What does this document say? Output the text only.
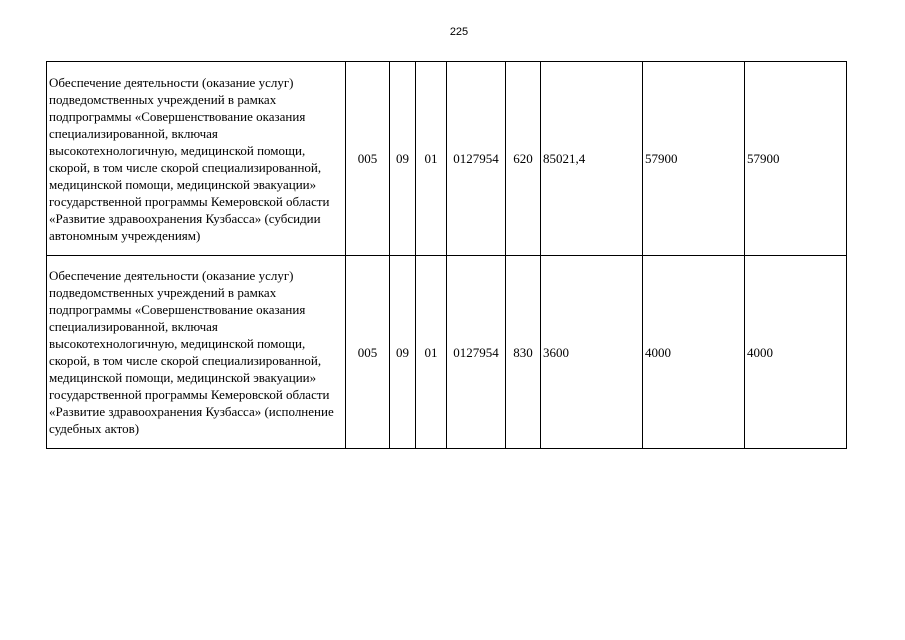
225
Обеспечение деятельности (оказание услуг) подведомственных учреждений в рамках подпрограммы «Совершенствование оказания специализированной, включая высокотехнологичную, медицинской помощи, скорой, в том числе скорой специализированной, медицинской помощи, медицинской эвакуации» государственной программы Кемеровской области «Развитие здравоохранения Кузбасса» (субсидии автономным учреждениям)	005	09	01	0127954	620	85021,4	57900	57900
Обеспечение деятельности (оказание услуг) подведомственных учреждений в рамках подпрограммы «Совершенствование оказания специализированной, включая высокотехнологичную, медицинской помощи, скорой, в том числе скорой специализированной, медицинской помощи, медицинской эвакуации» государственной программы Кемеровской области «Развитие здравоохранения Кузбасса» (исполнение судебных актов)	005	09	01	0127954	830	3600	4000	4000
